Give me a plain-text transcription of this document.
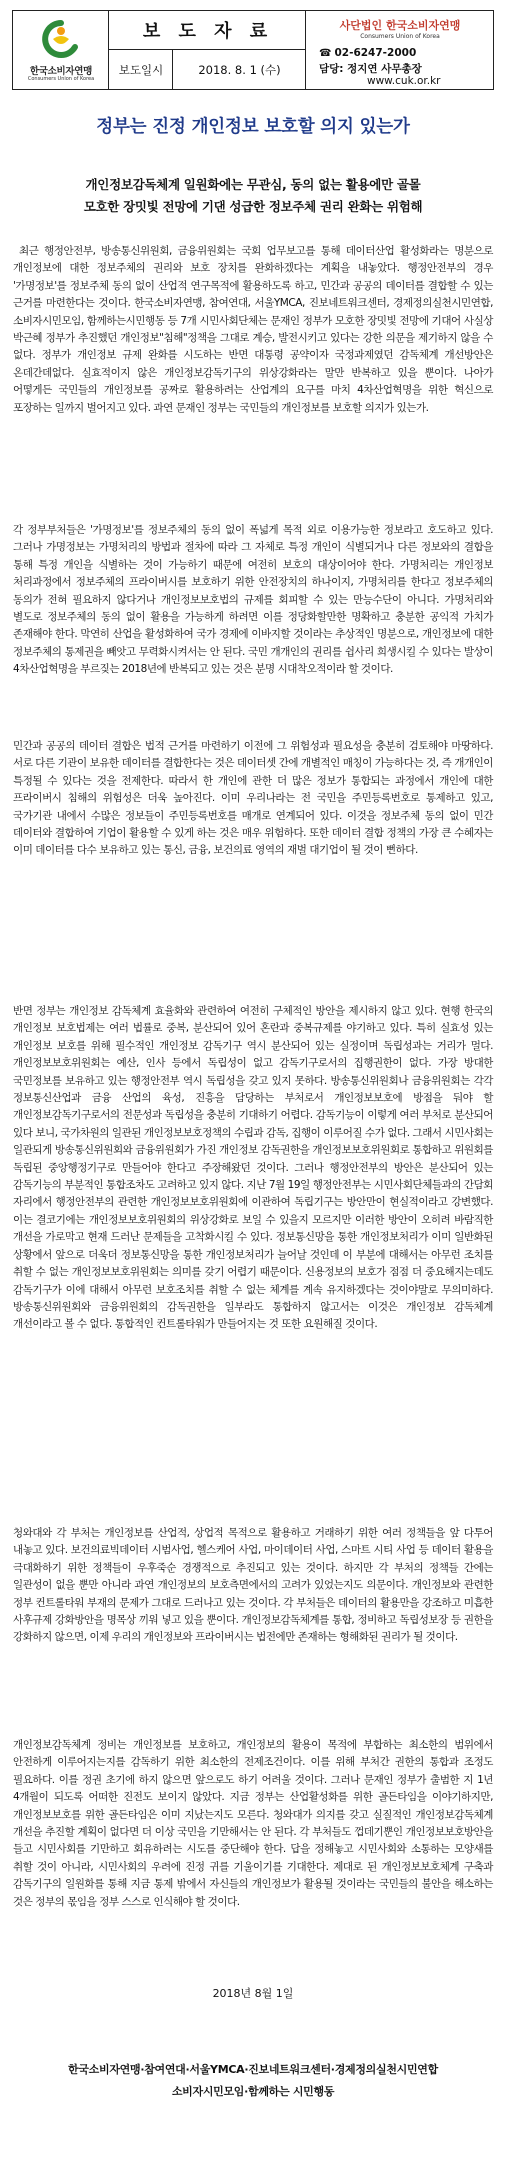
한국소비자연맹
Consumers Union of Korea
보 도 자 료
보도일시	2018. 8. 1 (수)
사단법인 한국소비자연맹
Consumers Union of Korea
☎ 02-6247-2000
담당: 정지연 사무총장
www.cuk.or.kr
정부는 진정 개인정보 보호할 의지 있는가
개인정보감독체계 일원화에는 무관심, 동의 없는 활용에만 골몰
모호한 장밋빛 전망에 기댄 성급한 정보주체 권리 완화는 위험해
최근 행정안전부, 방송통신위원회, 금융위원회는 국회 업무보고를 통해 데이터산업 활성화라는 명분으로 개인정보에 대한 정보주체의 권리와 보호 장치를 완화하겠다는 계획을 내놓았다. 행정안전부의 경우 '가명정보'를 정보주체 동의 없이 산업적 연구목적에 활용하도록 하고, 민간과 공공의 데이터를 결합할 수 있는 근거를 마련한다는 것이다. 한국소비자연맹, 참여연대, 서울YMCA, 진보네트워크센터, 경제정의실천시민연합, 소비자시민모임, 함께하는시민행동 등 7개 시민사회단체는 문재인 정부가 모호한 장밋빛 전망에 기대어 사실상 박근혜 정부가 추진했던 개인정보"침해"정책을 그대로 계승, 발전시키고 있다는 강한 의문을 제기하지 않을 수 없다. 정부가 개인정보 규제 완화를 시도하는 반면 대통령 공약이자 국정과제였던 감독체계 개선방안은 온데간데없다. 실효적이지 않은 개인정보감독기구의 위상강화라는 말만 반복하고 있을 뿐이다. 나아가 어떻게든 국민들의 개인정보를 공짜로 활용하려는 산업계의 요구를 마치 4차산업혁명을 위한 혁신으로 포장하는 일까지 벌어지고 있다. 과연 문재인 정부는 국민들의 개인정보를 보호할 의지가 있는가.
각 정부부처들은 '가명정보'를 정보주체의 동의 없이 폭넓게 목적 외로 이용가능한 정보라고 호도하고 있다. 그러나 가명정보는 가명처리의 방법과 절차에 따라 그 자체로 특정 개인이 식별되거나 다른 정보와의 결합을 통해 특정 개인을 식별하는 것이 가능하기 때문에 여전히 보호의 대상이어야 한다. 가명처리는 개인정보 처리과정에서 정보주체의 프라이버시를 보호하기 위한 안전장치의 하나이지, 가명처리를 한다고 정보주체의 동의가 전혀 필요하지 않다거나 개인정보보호법의 규제를 회피할 수 있는 만능수단이 아니다. 가명처리와 별도로 정보주체의 동의 없이 활용을 가능하게 하려면 이를 정당화할만한 명확하고 충분한 공익적 가치가 존재해야 한다. 막연히 산업을 활성화하여 국가 경제에 이바지할 것이라는 추상적인 명분으로, 개인정보에 대한 정보주체의 통제권을 빼앗고 무력화시켜서는 안 된다. 국민 개개인의 권리를 쉽사리 희생시킬 수 있다는 발상이 4차산업혁명을 부르짖는 2018년에 반복되고 있는 것은 분명 시대착오적이라 할 것이다.
민간과 공공의 데이터 결합은 법적 근거를 마련하기 이전에 그 위험성과 필요성을 충분히 검토해야 마땅하다. 서로 다른 기관이 보유한 데이터를 결합한다는 것은 데이터셋 간에 개별적인 매칭이 가능하다는 것, 즉 개개인이 특정될 수 있다는 것을 전제한다. 따라서 한 개인에 관한 더 많은 정보가 통합되는 과정에서 개인에 대한 프라이버시 침해의 위험성은 더욱 높아진다. 이미 우리나라는 전 국민을 주민등록번호로 통제하고 있고, 국가기관 내에서 수많은 정보들이 주민등록번호를 매개로 연계되어 있다. 이것을 정보주체 동의 없이 민간 데이터와 결합하여 기업이 활용할 수 있게 하는 것은 매우 위험하다. 또한 데이터 결합 정책의 가장 큰 수혜자는 이미 데이터를 다수 보유하고 있는 통신, 금융, 보건의료 영역의 재벌 대기업이 될 것이 뻔하다.
반면 정부는 개인정보 감독체계 효율화와 관련하여 여전히 구체적인 방안을 제시하지 않고 있다. 현행 한국의 개인정보 보호법제는 여러 법률로 중복, 분산되어 있어 혼란과 중복규제를 야기하고 있다. 특히 실효성 있는 개인정보 보호를 위해 필수적인 개인정보 감독기구 역시 분산되어 있는 실정이며 독립성과는 거리가 멀다. 개인정보보호위원회는 예산, 인사 등에서 독립성이 없고 감독기구로서의 집행권한이 없다. 가장 방대한 국민정보를 보유하고 있는 행정안전부 역시 독립성을 갖고 있지 못하다. 방송통신위원회나 금융위원회는 각각 정보통신산업과 금융 산업의 육성, 진흥을 담당하는 부처로서 개인정보보호에 방점을 둬야 할 개인정보감독기구로서의 전문성과 독립성을 충분히 기대하기 어렵다. 감독기능이 이렇게 여러 부처로 분산되어 있다 보니, 국가차원의 일관된 개인정보보호정책의 수립과 감독, 집행이 이루어질 수가 없다. 그래서 시민사회는 일관되게 방송통신위원회와 금융위원회가 가진 개인정보 감독권한을 개인정보보호위원회로 통합하고 위원회를 독립된 중앙행정기구로 만들어야 한다고 주장해왔던 것이다. 그러나 행정안전부의 방안은 분산되어 있는 감독기능의 부분적인 통합조차도 고려하고 있지 않다. 지난 7월 19일 행정안전부는 시민사회단체들과의 간담회 자리에서 행정안전부의 관련한 개인정보보호위원회에 이관하여 독립기구는 방안만이 현실적이라고 강변했다. 이는 결코기에는 개인정보보호위원회의 위상강화로 보일 수 있을지 모르지만 이러한 방안이 오히려 바람직한 개선을 가로막고 현재 드러난 문제들을 고착화시킬 수 있다. 정보통신망을 통한 개인정보처리가 이미 일반화된 상황에서 앞으로 더욱더 정보통신망을 통한 개인정보처리가 늘어날 것인데 이 부분에 대해서는 아무런 조치를 취할 수 없는 개인정보보호위원회는 의미를 갖기 어렵기 때문이다. 신용정보의 보호가 점점 더 중요해지는데도 감독기구가 이에 대해서 아무런 보호조치를 취할 수 없는 체계를 계속 유지하겠다는 것이야말로 무의미하다. 방송통신위원회와 금융위원회의 감독권한을 일부라도 통합하지 않고서는 이것은 개인정보 감독체계 개선이라고 볼 수 없다. 통합적인 컨트롤타워가 만들어지는 것 또한 요원해질 것이다.
청와대와 각 부처는 개인정보를 산업적, 상업적 목적으로 활용하고 거래하기 위한 여러 정책들을 앞 다투어 내놓고 있다. 보건의료빅데이터 시범사업, 헬스케어 사업, 마이데이터 사업, 스마트 시티 사업 등 데이터 활용을 극대화하기 위한 정책들이 우후죽순 경쟁적으로 추진되고 있는 것이다. 하지만 각 부처의 정책들 간에는 일관성이 없을 뿐만 아니라 과연 개인정보의 보호측면에서의 고려가 있었는지도 의문이다. 개인정보와 관련한 정부 컨트롤타워 부재의 문제가 그대로 드러나고 있는 것이다. 각 부처들은 데이터의 활용만을 강조하고 미흡한 사후규제 강화방안을 명목상 끼워 넣고 있을 뿐이다. 개인정보감독체계를 통합, 정비하고 독립성보장 등 권한을 강화하지 않으면, 이제 우리의 개인정보와 프라이버시는 법전에만 존재하는 형해화된 권리가 될 것이다.
개인정보감독체계 정비는 개인정보를 보호하고, 개인정보의 활용이 목적에 부합하는 최소한의 범위에서 안전하게 이루어지는지를 감독하기 위한 최소한의 전제조건이다. 이를 위해 부처간 권한의 통합과 조정도 필요하다. 이를 정권 초기에 하지 않으면 앞으로도 하기 어려울 것이다. 그러나 문재인 정부가 출범한 지 1년 4개월이 되도록 어떠한 진전도 보이지 않았다. 지금 정부는 산업활성화를 위한 골든타임을 이야기하지만, 개인정보보호를 위한 골든타임은 이미 지났는지도 모른다. 청와대가 의지를 갖고 실질적인 개인정보감독체계 개선을 추진할 계획이 없다면 더 이상 국민을 기만해서는 안 된다. 각 부처들도 껍데기뿐인 개인정보보호방안을 들고 시민사회를 기만하고 회유하려는 시도를 중단해야 한다. 답을 정해놓고 시민사회와 소통하는 모양새를 취할 것이 아니라, 시민사회의 우려에 진정 귀를 기울이기를 기대한다. 제대로 된 개인정보보호체계 구축과 감독기구의 일원화를 통해 지금 통제 밖에서 자신들의 개인정보가 활용될 것이라는 국민들의 불안을 해소하는 것은 정부의 몫임을 정부 스스로 인식해야 할 것이다.
2018년 8월 1일
한국소비자연맹·참여연대·서울YMCA·진보네트워크센터·경제정의실천시민연합
소비자시민모임·함께하는 시민행동
